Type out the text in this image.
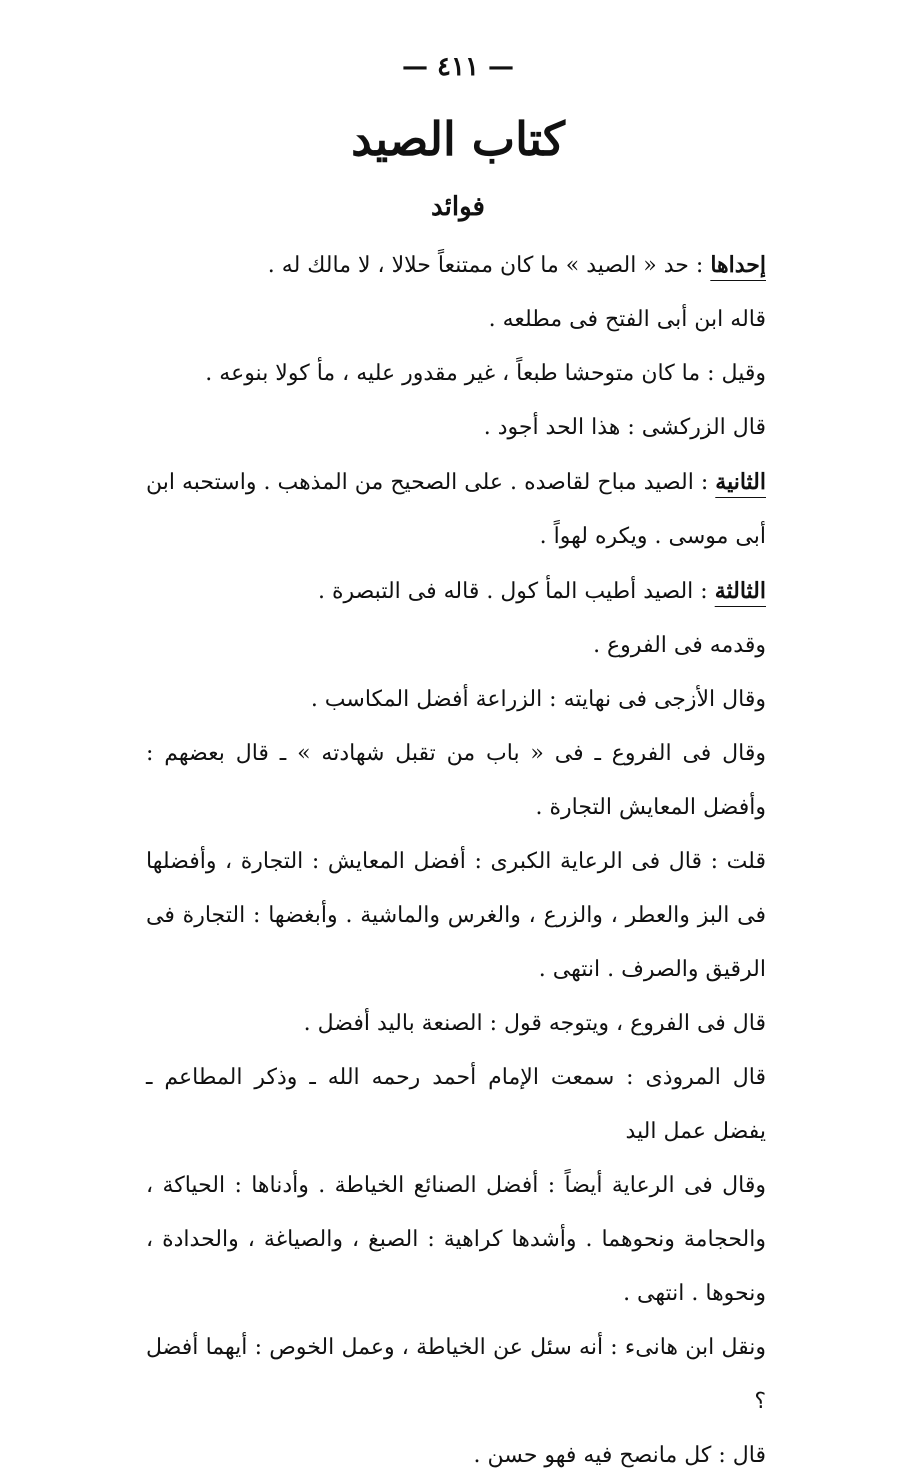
— ٤١١ —
كتاب الصيد
فوائد

إحداها : حد « الصيد » ما كان ممتنعاً حلالا ، لا مالك له .

قاله ابن أبى الفتح فى مطلعه .

وقيل : ما كان متوحشا طبعاً ، غير مقدور عليه ، مأ كولا بنوعه .

قال الزركشى : هذا الحد أجود .

الثانية : الصيد مباح لقاصده . على الصحيح من المذهب . واستحبه ابن أبى موسى . ويكره لهواً .

الثالثة : الصيد أطيب المأ كول . قاله فى التبصرة .

وقدمه فى الفروع .

وقال الأزجى فى نهايته : الزراعة أفضل المكاسب .

وقال فى الفروع ـ فى « باب من تقبل شهادته » ـ قال بعضهم : وأفضل المعايش التجارة .

قلت : قال فى الرعاية الكبرى : أفضل المعايش : التجارة ، وأفضلها فى البز والعطر ، والزرع ، والغرس والماشية . وأبغضها : التجارة فى الرقيق والصرف . انتهى .

قال فى الفروع ، ويتوجه قول : الصنعة باليد أفضل .

قال المروذى : سمعت الإمام أحمد رحمه الله ـ وذكر المطاعم ـ يفضل عمل اليد

وقال فى الرعاية أيضاً : أفضل الصنائع الخياطة . وأدناها : الحياكة ، والحجامة ونحوهما . وأشدها كراهية : الصبغ ، والصياغة ، والحدادة ، ونحوها . انتهى .

ونقل ابن هانىء : أنه سئل عن الخياطة ، وعمل الخوص : أيهما أفضل ؟

قال : كل مانصح فيه فهو حسن .
